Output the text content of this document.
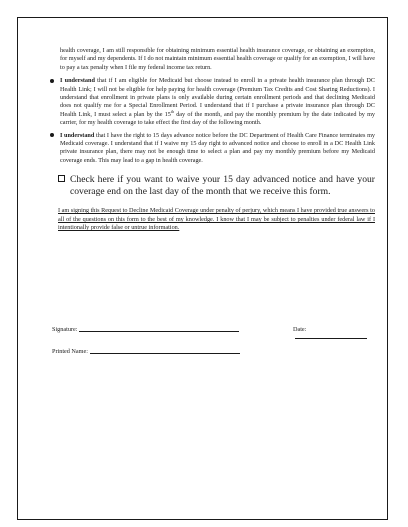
health coverage, I am still responsible for obtaining minimum essential health insurance coverage, or obtaining an exemption, for myself and my dependents. If I do not maintain minimum essential health coverage or qualify for an exemption, I will have to pay a tax penalty when I file my federal income tax return.

I understand that if I am eligible for Medicaid but choose instead to enroll in a private health insurance plan through DC Health Link; I will not be eligible for help paying for health coverage (Premium Tax Credits and Cost Sharing Reductions). I understand that enrollment in private plans is only available during certain enrollment periods and that declining Medicaid does not qualify me for a Special Enrollment Period. I understand that if I purchase a private insurance plan through DC Health Link, I must select a plan by the 15th day of the month, and pay the monthly premium by the date indicated by my carrier, for my health coverage to take effect the first day of the following month.
I understand that I have the right to 15 days advance notice before the DC Department of Health Care Finance terminates my Medicaid coverage. I understand that if I waive my 15 day right to advanced notice and choose to enroll in a DC Health Link private insurance plan, there may not be enough time to select a plan and pay my monthly premium before my Medicaid coverage ends. This may lead to a gap in health coverage.

Check here if you want to waive your 15 day advanced notice and have your coverage end on the last day of the month that we receive this form.

I am signing this Request to Decline Medicaid Coverage under penalty of perjury, which means I have provided true answers to all of the questions on this form to the best of my knowledge. I know that I may be subject to penalties under federal law if I intentionally provide false or untrue information.

Signature:	Date:
Printed Name:
